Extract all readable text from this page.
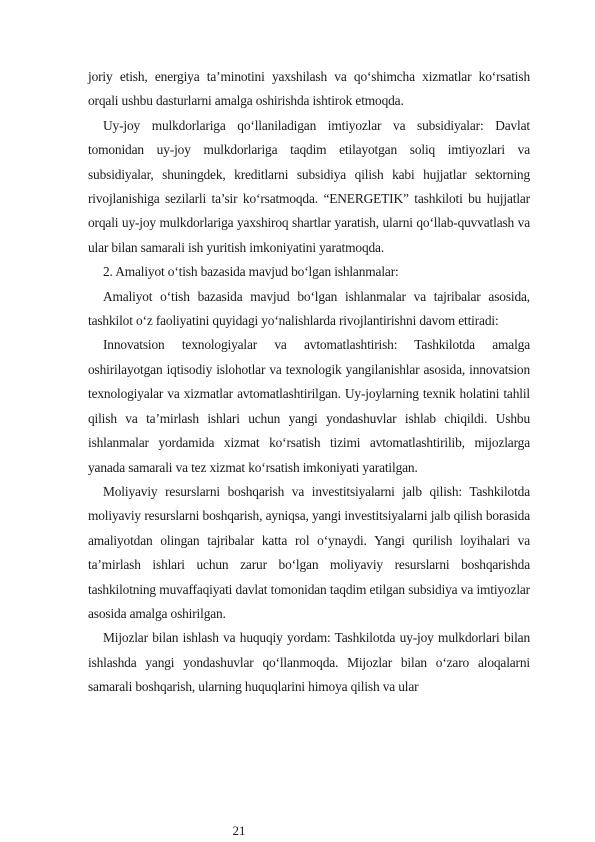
joriy etish, energiya ta’minotini yaxshilash va qo‘shimcha xizmatlar ko‘rsatish orqali ushbu dasturlarni amalga oshirishda ishtirok etmoqda.

Uy-joy mulkdorlariga qo‘llaniladigan imtiyozlar va subsidiyalar: Davlat tomonidan uy-joy mulkdorlariga taqdim etilayotgan soliq imtiyozlari va subsidiyalar, shuningdek, kreditlarni subsidiya qilish kabi hujjatlar sektorning rivojlanishiga sezilarli ta’sir ko‘rsatmoqda. “ENERGETIK” tashkiloti bu hujjatlar orqali uy-joy mulkdorlariga yaxshiroq shartlar yaratish, ularni qo‘llab-quvvatlash va ular bilan samarali ish yuritish imkoniyatini yaratmoqda.

2. Amaliyot o‘tish bazasida mavjud bo‘lgan ishlanmalar:

Amaliyot o‘tish bazasida mavjud bo‘lgan ishlanmalar va tajribalar asosida, tashkilot o‘z faoliyatini quyidagi yo‘nalishlarda rivojlantirishni davom ettiradi:

Innovatsion texnologiyalar va avtomatlashtirish: Tashkilotda amalga oshirilayotgan iqtisodiy islohotlar va texnologik yangilanishlar asosida, innovatsion texnologiyalar va xizmatlar avtomatlashtirilgan. Uy-joylarning texnik holatini tahlil qilish va ta’mirlash ishlari uchun yangi yondashuvlar ishlab chiqildi. Ushbu ishlanmalar yordamida xizmat ko‘rsatish tizimi avtomatlashtirilib, mijozlarga yanada samarali va tez xizmat ko‘rsatish imkoniyati yaratilgan.

Moliyaviy resurslarni boshqarish va investitsiyalarni jalb qilish: Tashkilotda moliyaviy resurslarni boshqarish, ayniqsa, yangi investitsiyalarni jalb qilish borasida amaliyotdan olingan tajribalar katta rol o‘ynaydi. Yangi qurilish loyihalari va ta’mirlash ishlari uchun zarur bo‘lgan moliyaviy resurslarni boshqarishda tashkilotning muvaffaqiyati davlat tomonidan taqdim etilgan subsidiya va imtiyozlar asosida amalga oshirilgan.

Mijozlar bilan ishlash va huquqiy yordam: Tashkilotda uy-joy mulkdorlari bilan ishlashda yangi yondashuvlar qo‘llanmoqda. Mijozlar bilan o‘zaro aloqalarni samarali boshqarish, ularning huquqlarini himoya qilish va ular

21
